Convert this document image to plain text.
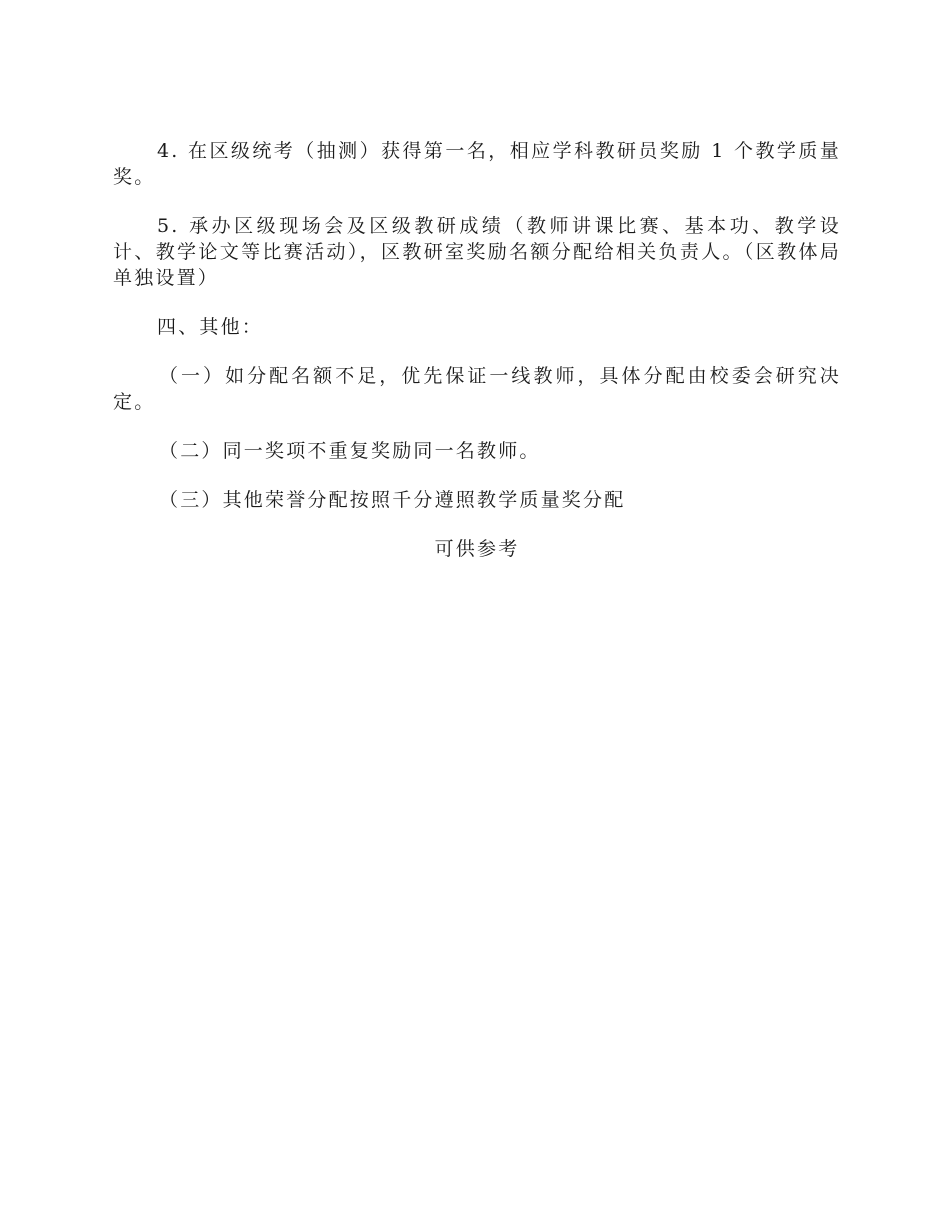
4. 在区级统考（抽测）获得第一名，相应学科教研员奖励 1 个教学质量奖。

5. 承办区级现场会及区级教研成绩（教师讲课比赛、基本功、教学设计、教学论文等比赛活动），区教研室奖励名额分配给相关负责人。（区教体局单独设置）

四、其他：

（一）如分配名额不足，优先保证一线教师，具体分配由校委会研究决定。

（二）同一奖项不重复奖励同一名教师。

（三）其他荣誉分配按照千分遵照教学质量奖分配

可供参考
